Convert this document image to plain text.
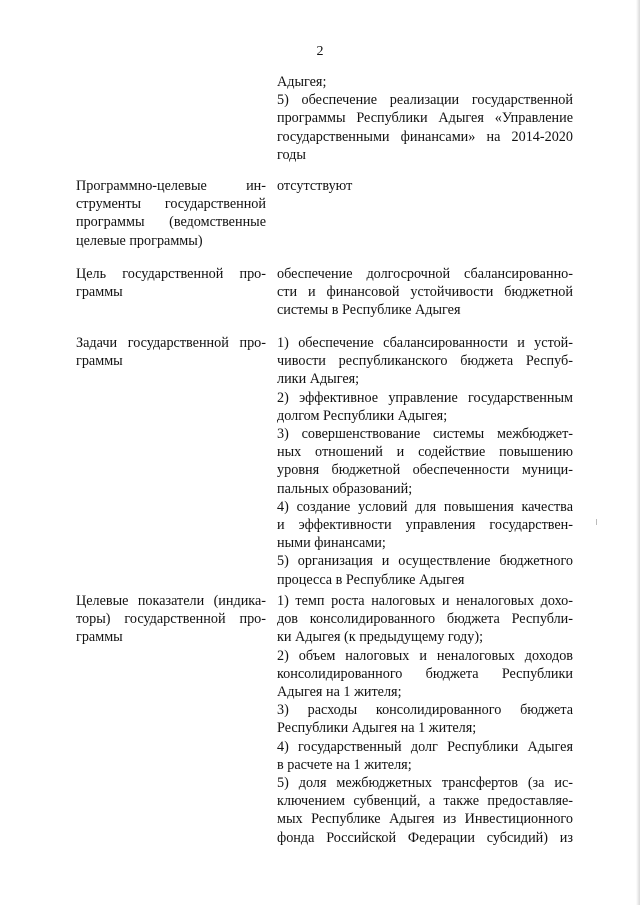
2
Адыгея;
5) обеспечение реализации государственной
программы Республики Адыгея «Управление
государственными финансами» на 2014-2020
годы
Программно-целевые ин-
струменты государственной
программы (ведомственные
целевые программы)
отсутствуют
Цель государственной про-
граммы
обеспечение долгосрочной сбалансированно-
сти и финансовой устойчивости бюджетной
системы в Республике Адыгея
Задачи государственной про-
граммы
1) обеспечение сбалансированности и устой-
чивости республиканского бюджета Респуб-
лики Адыгея;
2) эффективное управление государственным
долгом Республики Адыгея;
3) совершенствование системы межбюджет-
ных отношений и содействие повышению
уровня бюджетной обеспеченности муници-
пальных образований;
4) создание условий для повышения качества
и эффективности управления государствен-
ными финансами;
5) организация и осуществление бюджетного
процесса в Республике Адыгея
Целевые показатели (индика-
торы) государственной про-
граммы
1) темп роста налоговых и неналоговых дохо-
дов консолидированного бюджета Республи-
ки Адыгея (к предыдущему году);
2) объем налоговых и неналоговых доходов
консолидированного бюджета Республики
Адыгея на 1 жителя;
3) расходы консолидированного бюджета
Республики Адыгея на 1 жителя;
4) государственный долг Республики Адыгея
в расчете на 1 жителя;
5) доля межбюджетных трансфертов (за ис-
ключением субвенций, а также предоставляе-
мых Республике Адыгея из Инвестиционного
фонда Российской Федерации субсидий) из
